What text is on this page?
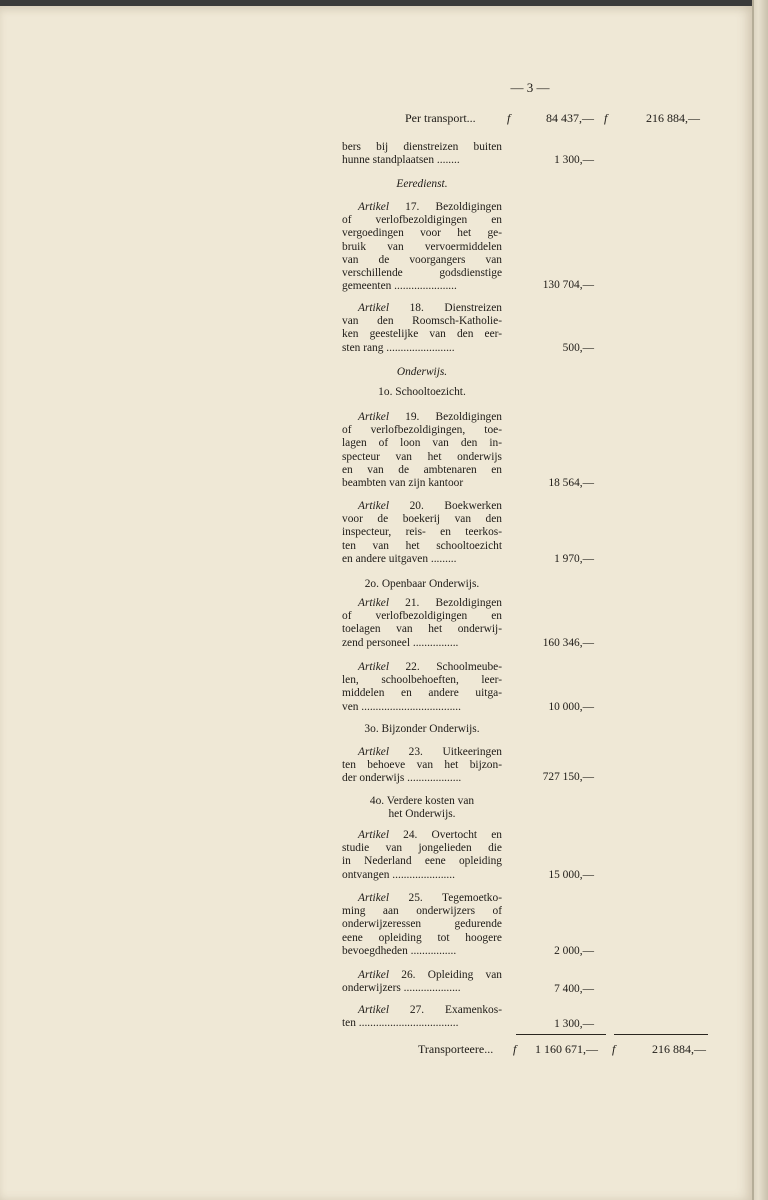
— 3 —
Per transport...	f	84 437,— f	216 884,—
bers bij dienstreizen buiten
hunne standplaatsen ........	1 300,—
Eeredienst.
Artikel 17. Bezoldigingen
of verlofbezoldigingen en
vergoedingen voor het ge-
bruik van vervoermiddelen
van de voorgangers van
verschillende godsdienstige
gemeenten ......................	130 704,—
Artikel 18. Dienstreizen
van den Roomsch-Katholie-
ken geestelijke van den eer-
sten rang ........................	500,—
Onderwijs.
1o. Schooltoezicht.
Artikel 19. Bezoldigingen
of verlofbezoldigingen, toe-
lagen of loon van den in-
specteur van het onderwijs
en van de ambtenaren en
beambten van zijn kantoor	18 564,—
Artikel 20. Boekwerken
voor de boekerij van den
inspecteur, reis- en teerkos-
ten van het schooltoezicht
en andere uitgaven .........	1 970,—
2o. Openbaar Onderwijs.
Artikel 21. Bezoldigingen
of verlofbezoldigingen en
toelagen van het onderwij-
zend personeel ................	160 346,—
Artikel 22. Schoolmeube-
len, schoolbehoeften, leer-
middelen en andere uitga-
ven ...................................	10 000,—
3o. Bijzonder Onderwijs.
Artikel 23. Uitkeeringen
ten behoeve van het bijzon-
der onderwijs ...................	727 150,—
4o. Verdere kosten van
het Onderwijs.
Artikel 24. Overtocht en
studie van jongelieden die
in Nederland eene opleiding
ontvangen ......................	15 000,—
Artikel 25. Tegemoetko-
ming aan onderwijzers of
onderwijzeressen gedurende
eene opleiding tot hoogere
bevoegdheden ................	2 000,—
Artikel 26. Opleiding van
onderwijzers ....................	7 400,—
Artikel 27. Examenkos-
ten ...................................	1 300,—
Transporteere... f	1 160 671,— f	216 884,—
